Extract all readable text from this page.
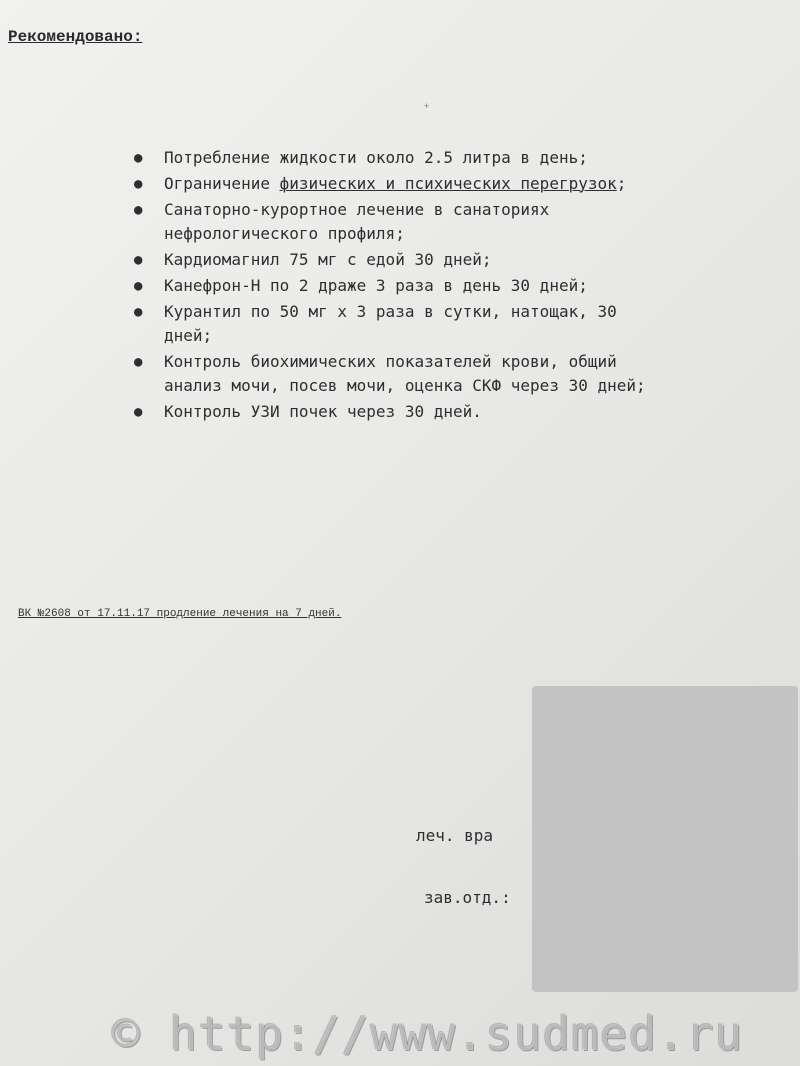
Рекомендовано:
+
● Потребление жидкости около 2.5 литра в день;
● Ограничение физических и психических перегрузок;
● Санаторно-курортное лечение в санаториях
нефрологического профиля;
● Кардиомагнил 75 мг с едой 30 дней;
● Канефрон-Н по 2 драже 3 раза в день 30 дней;
● Курантил по 50 мг х 3 раза в сутки, натощак, 30
дней;
● Контроль биохимических показателей крови, общий
анализ мочи, посев мочи, оценка СКФ через 30 дней;
● Контроль УЗИ почек через 30 дней.
ВК №2608 от 17.11.17 продление лечения на 7 дней.
леч. вра
зав.отд.:
© http://www.sudmed.ru
